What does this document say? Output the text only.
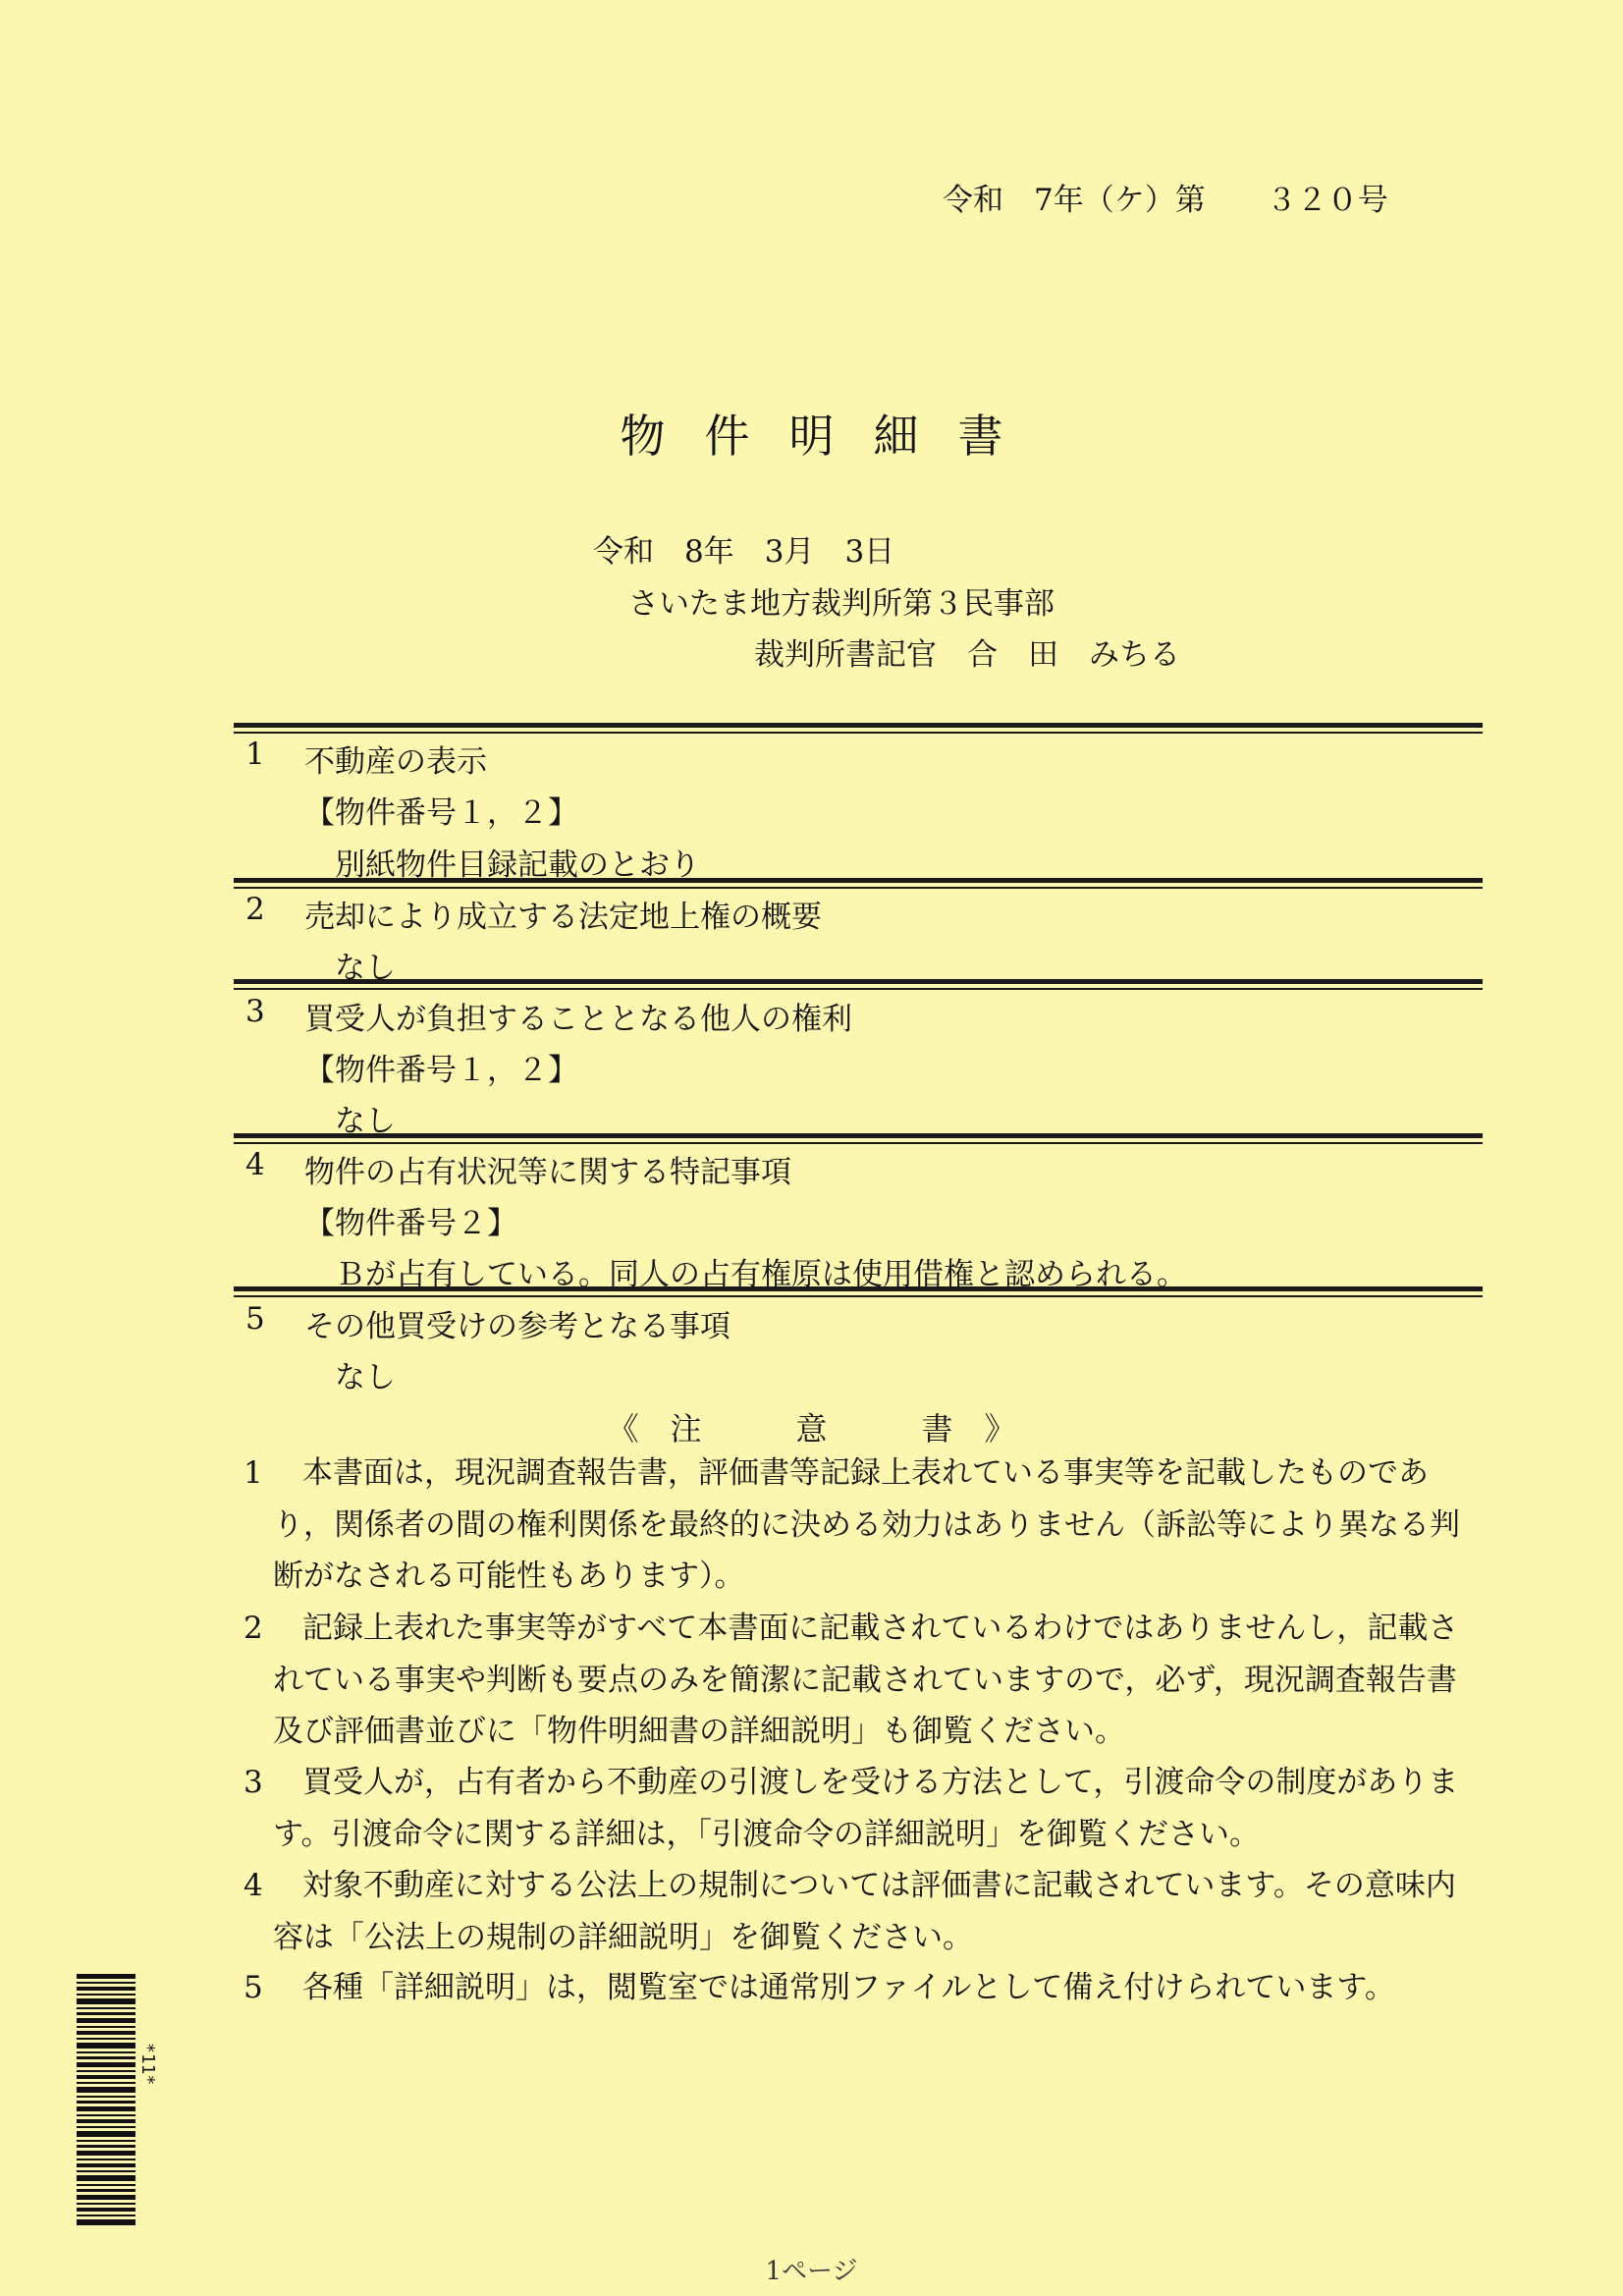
令和　7年（ケ）第　　３２０号
物件明細書
令和　8年　3月　3日
さいたま地方裁判所第３民事部
裁判所書記官　合　田　みちる
1 不動産の表示
【物件番号１，２】
　別紙物件目録記載のとおり
2 売却により成立する法定地上権の概要
　なし
3 買受人が負担することとなる他人の権利
【物件番号１，２】
　なし
4 物件の占有状況等に関する特記事項
【物件番号２】
　Ｂが占有している。同人の占有権原は使用借権と認められる。
5 その他買受けの参考となる事項
　なし
《　注　　　意　　　書　》
1	本書面は，現況調査報告書，評価書等記録上表れている事実等を記載したものであり，関係者の間の権利関係を最終的に決める効力はありません（訴訟等により異なる判断がなされる可能性もあります）。
2	記録上表れた事実等がすべて本書面に記載されているわけではありませんし，記載されている事実や判断も要点のみを簡潔に記載されていますので，必ず，現況調査報告書及び評価書並びに「物件明細書の詳細説明」も御覧ください。
3	買受人が，占有者から不動産の引渡しを受ける方法として，引渡命令の制度があります。引渡命令に関する詳細は，「引渡命令の詳細説明」を御覧ください。
4	対象不動産に対する公法上の規制については評価書に記載されています。その意味内容は「公法上の規制の詳細説明」を御覧ください。
5	各種「詳細説明」は，閲覧室では通常別ファイルとして備え付けられています。
*11*
1ページ
